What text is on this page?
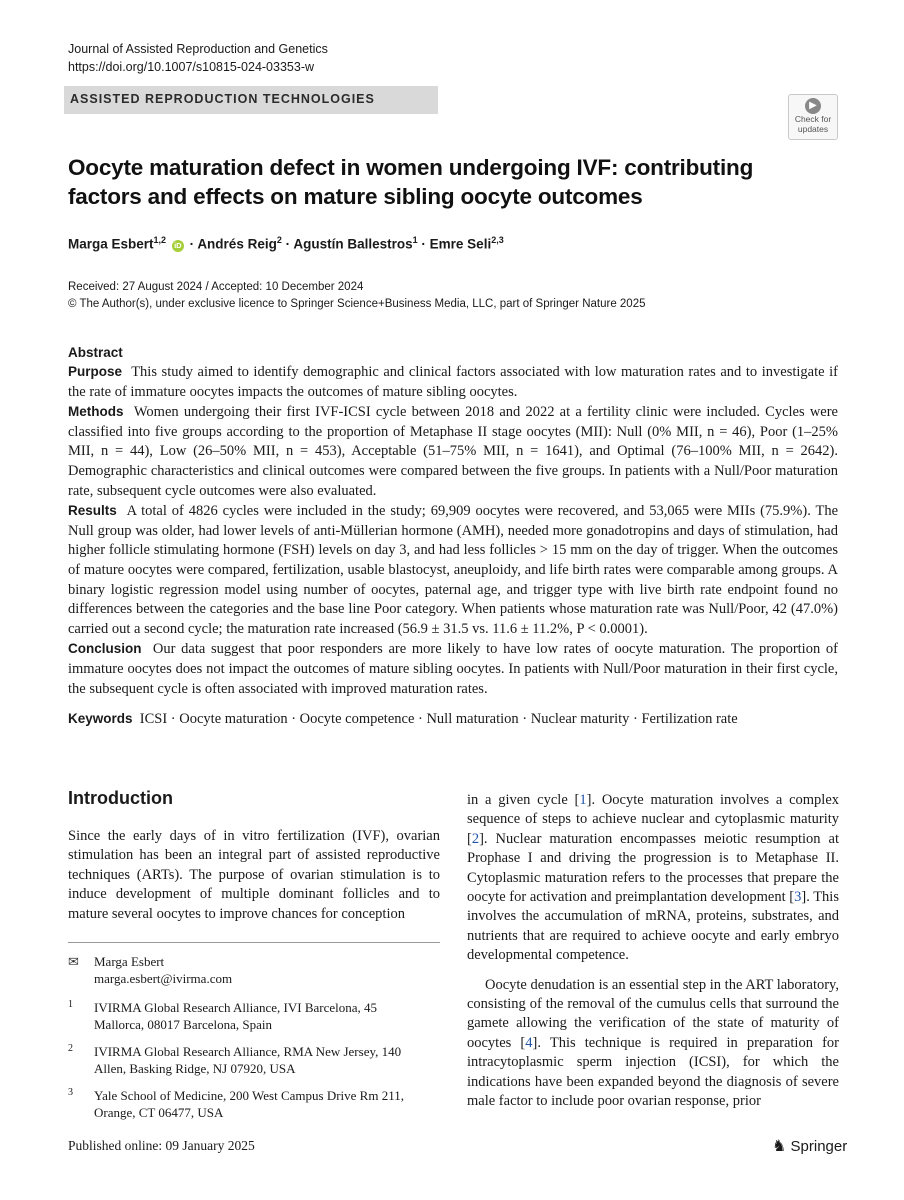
Journal of Assisted Reproduction and Genetics
https://doi.org/10.1007/s10815-024-03353-w
ASSISTED REPRODUCTION TECHNOLOGIES	▶
Check for
updates
Oocyte maturation defect in women undergoing IVF: contributing factors and effects on mature sibling oocyte outcomes
Marga Esbert$^{1,2}$ iD · Andrés Reig$^2$ · Agustín Ballestros$^1$ · Emre Seli$^{2,3}$
Received: 27 August 2024 / Accepted: 10 December 2024
© The Author(s), under exclusive licence to Springer Science+Business Media, LLC, part of Springer Nature 2025

Abstract

Purpose This study aimed to identify demographic and clinical factors associated with low maturation rates and to investigate if the rate of immature oocytes impacts the outcomes of mature sibling oocytes.

Methods Women undergoing their first IVF-ICSI cycle between 2018 and 2022 at a fertility clinic were included. Cycles were classified into five groups according to the proportion of Metaphase II stage oocytes (MII): Null (0% MII, n = 46), Poor (1–25% MII, n = 44), Low (26–50% MII, n = 453), Acceptable (51–75% MII, n = 1641), and Optimal (76–100% MII, n = 2642). Demographic characteristics and clinical outcomes were compared between the five groups. In patients with a Null/Poor maturation rate, subsequent cycle outcomes were also evaluated.

Results A total of 4826 cycles were included in the study; 69,909 oocytes were recovered, and 53,065 were MIIs (75.9%). The Null group was older, had lower levels of anti-Müllerian hormone (AMH), needed more gonadotropins and days of stimulation, had higher follicle stimulating hormone (FSH) levels on day 3, and had less follicles > 15 mm on the day of trigger. When the outcomes of mature oocytes were compared, fertilization, usable blastocyst, aneuploidy, and life birth rates were comparable among groups. A binary logistic regression model using number of oocytes, paternal age, and trigger type with live birth rate endpoint found no differences between the categories and the base line Poor category. When patients whose maturation rate was Null/Poor, 42 (47.0%) carried out a second cycle; the maturation rate increased (56.9 ± 31.5 vs. 11.6 ± 11.2%, P < 0.0001).

Conclusion Our data suggest that poor responders are more likely to have low rates of oocyte maturation. The proportion of immature oocytes does not impact the outcomes of mature sibling oocytes. In patients with Null/Poor maturation in their first cycle, the subsequent cycle is often associated with improved maturation rates.

Keywords ICSI · Oocyte maturation · Oocyte competence · Null maturation · Nuclear maturity · Fertilization rate

Introduction

Since the early days of in vitro fertilization (IVF), ovarian stimulation has been an integral part of assisted reproductive techniques (ARTs). The purpose of ovarian stimulation is to induce development of multiple dominant follicles and to mature several oocytes to improve chances for conception

✉	Marga Esbert
marga.esbert@ivirma.com
1	IVIRMA Global Research Alliance, IVI Barcelona, 45
Mallorca, 08017 Barcelona, Spain
2	IVIRMA Global Research Alliance, RMA New Jersey, 140
Allen, Basking Ridge, NJ 07920, USA
3	Yale School of Medicine, 200 West Campus Drive Rm 211,
Orange, CT 06477, USA

in a given cycle [1]. Oocyte maturation involves a complex sequence of steps to achieve nuclear and cytoplasmic maturity [2]. Nuclear maturation encompasses meiotic resumption at Prophase I and driving the progression is to Metaphase II. Cytoplasmic maturation refers to the processes that prepare the oocyte for activation and preimplantation development [3]. This involves the accumulation of mRNA, proteins, substrates, and nutrients that are required to achieve oocyte and early embryo developmental competence.

Oocyte denudation is an essential step in the ART laboratory, consisting of the removal of the cumulus cells that surround the gamete allowing the verification of the state of maturity of oocytes [4]. This technique is required in preparation for intracytoplasmic sperm injection (ICSI), for which the indications have been expanded beyond the diagnosis of severe male factor to include poor ovarian response, prior

Published online: 09 January 2025	♞ Springer
